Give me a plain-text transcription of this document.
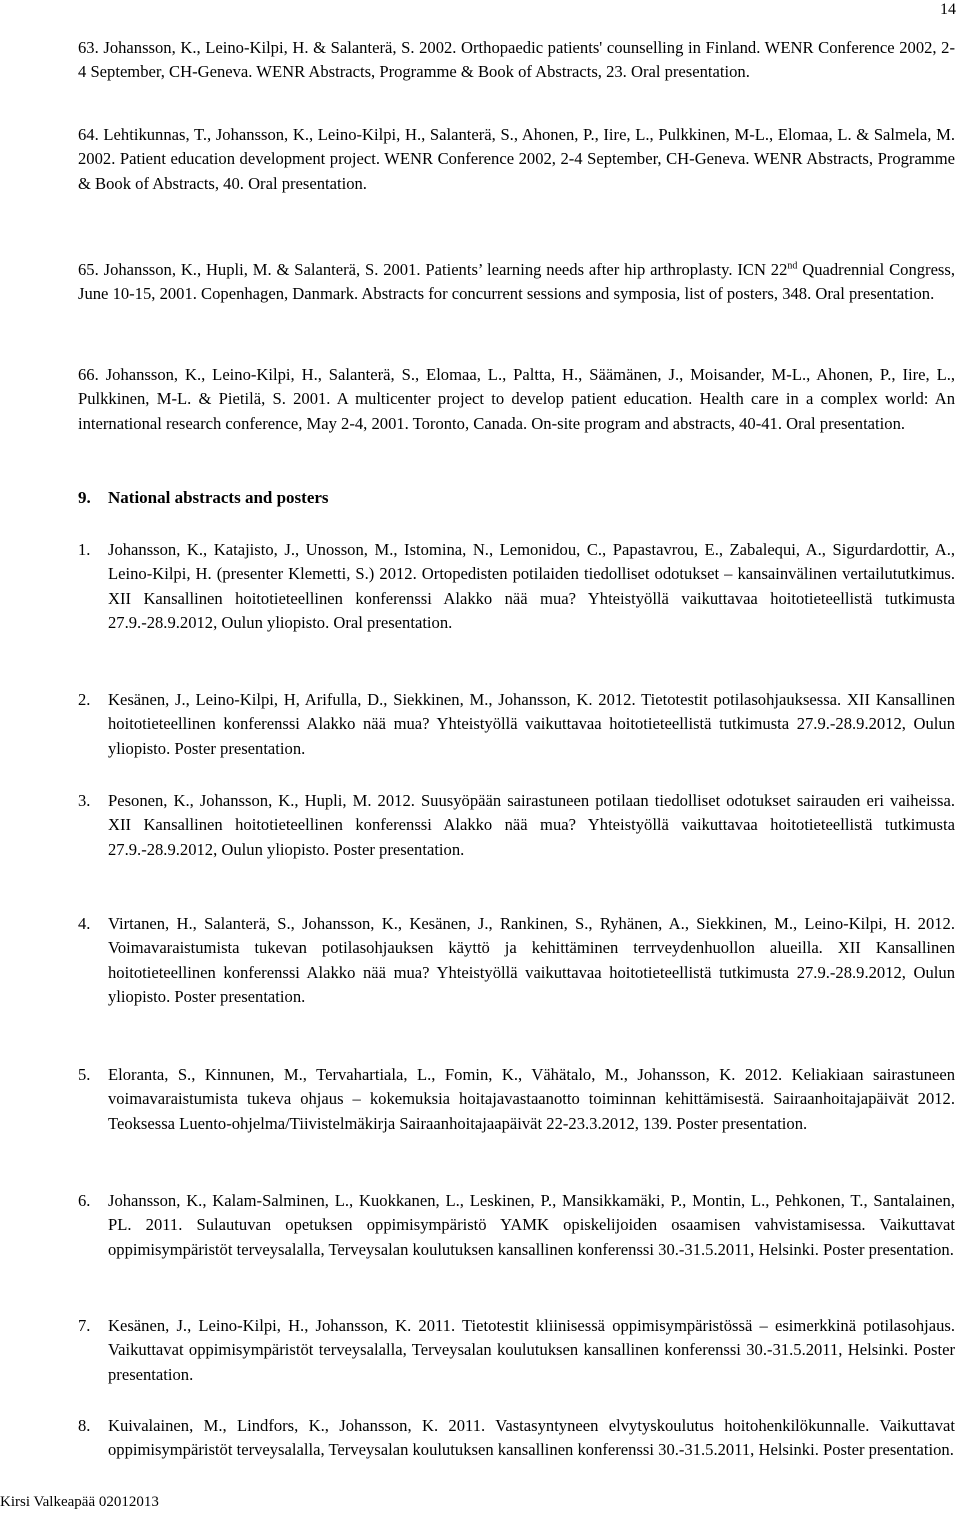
14
63. Johansson, K., Leino-Kilpi, H. & Salanterä, S. 2002. Orthopaedic patients' counselling in Finland. WENR Conference 2002, 2-4 September, CH-Geneva. WENR Abstracts, Programme & Book of Abstracts, 23. Oral presentation.
64. Lehtikunnas, T., Johansson, K., Leino-Kilpi, H., Salanterä, S., Ahonen, P., Iire, L., Pulkkinen, M-L., Elomaa, L. & Salmela, M. 2002. Patient education development project. WENR Conference 2002, 2-4 September, CH-Geneva. WENR Abstracts, Programme & Book of Abstracts, 40. Oral presentation.
65. Johansson, K., Hupli, M. & Salanterä, S. 2001. Patients’ learning needs after hip arthroplasty. ICN 22nd Quadrennial Congress, June 10-15, 2001. Copenhagen, Danmark. Abstracts for concurrent sessions and symposia, list of posters, 348. Oral presentation.
66. Johansson, K., Leino-Kilpi, H., Salanterä, S., Elomaa, L., Paltta, H., Säämänen, J., Moisander, M-L., Ahonen, P., Iire, L., Pulkkinen, M-L. & Pietilä, S. 2001. A multicenter project to develop patient education. Health care in a complex world: An international research conference, May 2-4, 2001. Toronto, Canada. On-site program and abstracts, 40-41. Oral presentation.
9. National abstracts and posters
1. Johansson, K., Katajisto, J., Unosson, M., Istomina, N., Lemonidou, C., Papastavrou, E., Zabalequi, A., Sigurdardottir, A., Leino-Kilpi, H. (presenter Klemetti, S.) 2012. Ortopedisten potilaiden tiedolliset odotukset – kansainvälinen vertailututkimus. XII Kansallinen hoitotieteellinen konferenssi Alakko nää mua? Yhteistyöllä vaikuttavaa hoitotieteellistä tutkimusta 27.9.-28.9.2012, Oulun yliopisto. Oral presentation.
2. Kesänen, J., Leino-Kilpi, H, Arifulla, D., Siekkinen, M., Johansson, K. 2012. Tietotestit potilasohjauksessa. XII Kansallinen hoitotieteellinen konferenssi Alakko nää mua? Yhteistyöllä vaikuttavaa hoitotieteellistä tutkimusta 27.9.-28.9.2012, Oulun yliopisto. Poster presentation.
3. Pesonen, K., Johansson, K., Hupli, M. 2012. Suusyöpään sairastuneen potilaan tiedolliset odotukset sairauden eri vaiheissa. XII Kansallinen hoitotieteellinen konferenssi Alakko nää mua? Yhteistyöllä vaikuttavaa hoitotieteellistä tutkimusta 27.9.-28.9.2012, Oulun yliopisto. Poster presentation.
4. Virtanen, H., Salanterä, S., Johansson, K., Kesänen, J., Rankinen, S., Ryhänen, A., Siekkinen, M., Leino-Kilpi, H. 2012. Voimavaraistumista tukevan potilasohjauksen käyttö ja kehittäminen terrveydenhuollon alueilla. XII Kansallinen hoitotieteellinen konferenssi Alakko nää mua? Yhteistyöllä vaikuttavaa hoitotieteellistä tutkimusta 27.9.-28.9.2012, Oulun yliopisto. Poster presentation.
5. Eloranta, S., Kinnunen, M., Tervahartiala, L., Fomin, K., Vähätalo, M., Johansson, K. 2012. Keliakiaan sairastuneen voimavaraistumista tukeva ohjaus – kokemuksia hoitajavastaanotto toiminnan kehittämisestä. Sairaanhoitajapäivät 2012. Teoksessa Luento-ohjelma/Tiivistelmäkirja Sairaanhoitajaapäivät 22-23.3.2012, 139. Poster presentation.
6. Johansson, K., Kalam-Salminen, L., Kuokkanen, L., Leskinen, P., Mansikkamäki, P., Montin, L., Pehkonen, T., Santalainen, PL. 2011. Sulautuvan opetuksen oppimisympäristö YAMK opiskelijoiden osaamisen vahvistamisessa. Vaikuttavat oppimisympäristöt terveysalalla, Terveysalan koulutuksen kansallinen konferenssi 30.-31.5.2011, Helsinki. Poster presentation.
7. Kesänen, J., Leino-Kilpi, H., Johansson, K. 2011. Tietotestit kliinisessä oppimisympäristössä – esimerkkinä potilasohjaus. Vaikuttavat oppimisympäristöt terveysalalla, Terveysalan koulutuksen kansallinen konferenssi 30.-31.5.2011, Helsinki. Poster presentation.
8. Kuivalainen, M., Lindfors, K., Johansson, K. 2011. Vastasyntyneen elvytyskoulutus hoitohenkilökunnalle. Vaikuttavat oppimisympäristöt terveysalalla, Terveysalan koulutuksen kansallinen konferenssi 30.-31.5.2011, Helsinki. Poster presentation.
Kirsi Valkeapää 02012013
